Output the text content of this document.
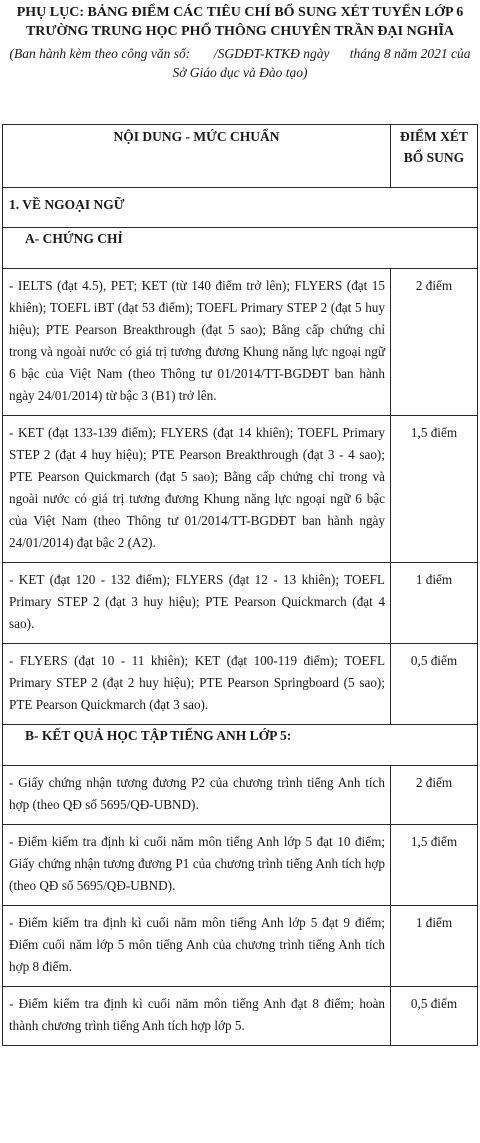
PHỤ LỤC: BẢNG ĐIỂM CÁC TIÊU CHÍ BỔ SUNG XÉT TUYỂN LỚP 6
TRƯỜNG TRUNG HỌC PHỔ THÔNG CHUYÊN TRẦN ĐẠI NGHĨA
(Ban hành kèm theo công văn số:       /SGDĐT-KTKĐ ngày      tháng 8 năm 2021 của
Sở Giáo dục và Đào tạo)
NỘI DUNG - MỨC CHUẨN	ĐIỂM XÉT
BỔ SUNG

1. VỀ NGOẠI NGỮ	
A- CHỨNG CHỈ	
- IELTS (đạt 4.5), PET; KET (từ 140 điểm trở lên); FLYERS (đạt 15 khiên); TOEFL iBT (đạt 53 điểm); TOEFL Primary STEP 2 (đạt 5 huy hiệu); PTE Pearson Breakthrough (đạt 5 sao); Bằng cấp chứng chỉ trong và ngoài nước có giá trị tương đương Khung năng lực ngoại ngữ 6 bậc của Việt Nam (theo Thông tư 01/2014/TT-BGDĐT ban hành ngày 24/01/2014) từ bậc 3 (B1) trở lên.	2 điểm
- KET (đạt 133-139 điểm); FLYERS (đạt 14 khiên); TOEFL Primary STEP 2 (đạt 4 huy hiệu); PTE Pearson Breakthrough (đạt 3 - 4 sao); PTE Pearson Quickmarch (đạt 5 sao); Bằng cấp chứng chỉ trong và ngoài nước có giá trị tương đương Khung năng lực ngoại ngữ 6 bậc của Việt Nam (theo Thông tư 01/2014/TT-BGDĐT ban hành ngày 24/01/2014) đạt bậc 2 (A2).	1,5 điểm
- KET (đạt 120 - 132 điểm); FLYERS (đạt 12 - 13 khiên); TOEFL Primary STEP 2 (đạt 3 huy hiệu); PTE Pearson Quickmarch (đạt 4 sao).	1 điểm
- FLYERS (đạt 10 - 11 khiên); KET (đạt 100-119 điểm); TOEFL Primary STEP 2 (đạt 2 huy hiệu); PTE Pearson Springboard (5 sao); PTE Pearson Quickmarch (đạt 3 sao).	0,5 điểm
B- KẾT QUẢ HỌC TẬP TIẾNG ANH LỚP 5:	
- Giấy chứng nhận tương đương P2 của chương trình tiếng Anh tích hợp (theo QĐ số 5695/QĐ-UBND).	2 điểm
- Điểm kiểm tra định kì cuối năm môn tiếng Anh lớp 5 đạt 10 điểm; Giấy chứng nhận tương đương P1 của chương trình tiếng Anh tích hợp (theo QĐ số 5695/QĐ-UBND).	1,5 điểm
- Điểm kiểm tra định kì cuối năm môn tiếng Anh lớp 5 đạt 9 điểm; Điểm cuối năm lớp 5 môn tiếng Anh của chương trình tiếng Anh tích hợp 8 điểm.	1 điểm
- Điểm kiểm tra định kì cuối năm môn tiếng Anh đạt 8 điểm; hoàn thành chương trình tiếng Anh tích hợp lớp 5.	0,5 điểm
